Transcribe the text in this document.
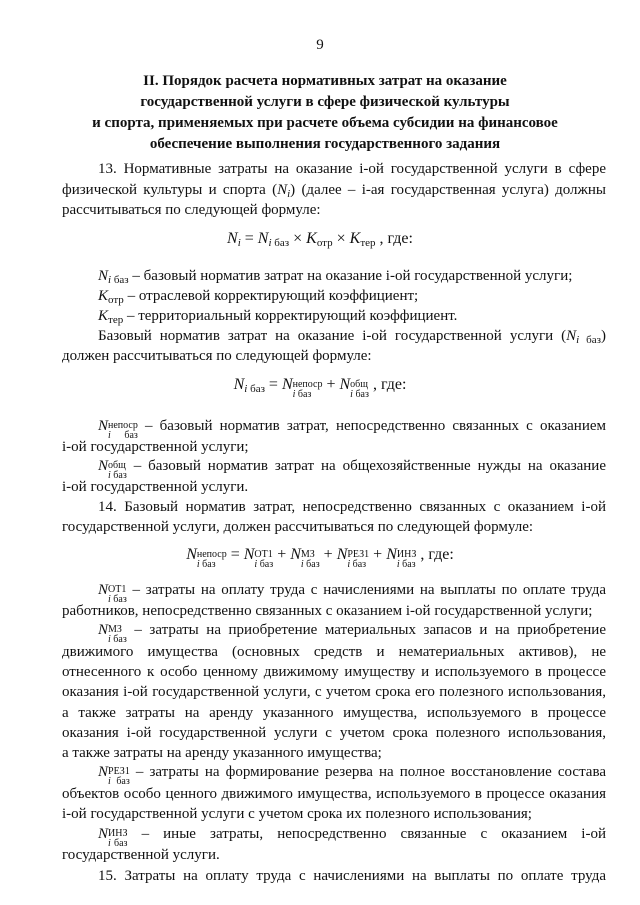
9
II. Порядок расчета нормативных затрат на оказание
государственной услуги в сфере физической культуры
и спорта, применяемых при расчете объема субсидии на финансовое
обеспечение выполнения государственного задания
13. Нормативные затраты на оказание i-ой государственной услуги в сфере
физической культуры и спорта $(N_i)$ (далее – i-ая государственная услуга) должны
рассчитываться по следующей формуле:
$N_i = N_{i баз} \times K_{отр} \times K_{тер}$ , где:
$N_{i баз}$ – базовый норматив затрат на оказание i-ой государственной услуги;
$K_{отр}$ – отраслевой корректирующий коэффициент;
$K_{тер}$ – территориальный корректирующий коэффициент.
Базовый норматив затрат на оказание i-ой государственной услуги $(N_{i баз})$
должен рассчитываться по следующей формуле:
$N_{i баз} = N$ непоср
i баз
+ N общ
i баз
, где:
N непоср
i баз
– базовый норматив затрат, непосредственно связанных с оказанием
i-ой государственной услуги;
N общ
i баз
– базовый норматив затрат на общехозяйственные нужды на оказание
i-ой государственной услуги.
14. Базовый норматив затрат, непосредственно связанных с оказанием i-ой
государственной услуги, должен рассчитываться по следующей формуле:
N непоср
i баз
= N ОТ1
i баз
+ N МЗ
i баз
+ N РЕЗ1
i баз
+ N ИНЗ
i баз
, где:
N ОТ1
i баз
– затраты на оплату труда с начислениями на выплаты по оплате труда
работников, непосредственно связанных с оказанием i-ой государственной услуги;
N МЗ
i баз
– затраты на приобретение материальных запасов и на приобретение
движимого имущества (основных средств и нематериальных активов), не
отнесенного к особо ценному движимому имуществу и используемого в процессе
оказания i-ой государственной услуги, с учетом срока его полезного использования,
а также затраты на аренду указанного имущества, используемого в процессе
оказания i-ой государственной услуги с учетом срока полезного использования,
а также затраты на аренду указанного имущества;
N РЕЗ1
i баз
– затраты на формирование резерва на полное восстановление состава
объектов особо ценного движимого имущества, используемого в процессе оказания
i-ой государственной услуги с учетом срока их полезного использования;
N ИНЗ
i баз
– иные затраты, непосредственно связанные с оказанием i-ой
государственной услуги.
15. Затраты на оплату труда с начислениями на выплаты по оплате труда
